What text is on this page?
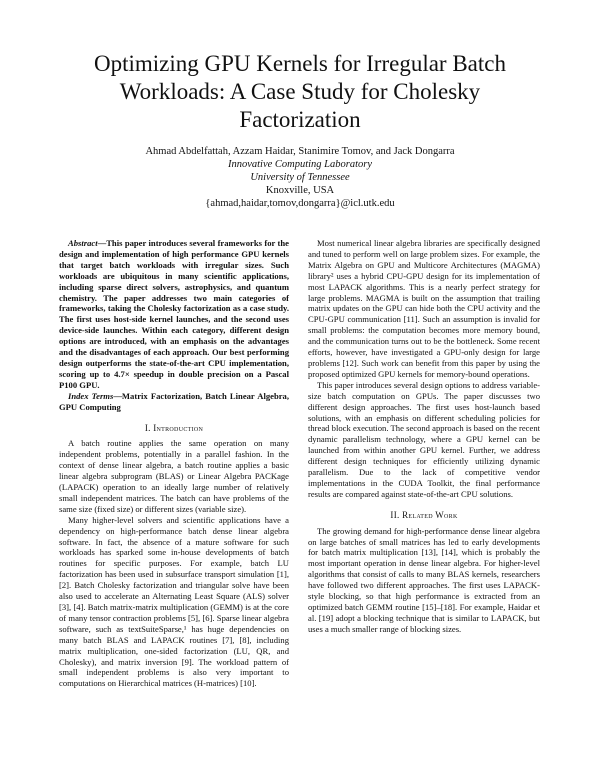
Optimizing GPU Kernels for Irregular Batch Workloads: A Case Study for Cholesky Factorization
Ahmad Abdelfattah, Azzam Haidar, Stanimire Tomov, and Jack Dongarra
Innovative Computing Laboratory
University of Tennessee
Knoxville, USA
{ahmad,haidar,tomov,dongarra}@icl.utk.edu

Abstract—This paper introduces several frameworks for the design and implementation of high performance GPU kernels that target batch workloads with irregular sizes. Such workloads are ubiquitous in many scientific applications, including sparse direct solvers, astrophysics, and quantum chemistry. The paper addresses two main categories of frameworks, taking the Cholesky factorization as a case study. The first uses host-side kernel launches, and the second uses device-side launches. Within each category, different design options are introduced, with an emphasis on the advantages and the disadvantages of each approach. Our best performing design outperforms the state-of-the-art CPU implementation, scoring up to 4.7× speedup in double precision on a Pascal P100 GPU.

Index Terms—Matrix Factorization, Batch Linear Algebra, GPU Computing

I. Introduction

A batch routine applies the same operation on many independent problems, potentially in a parallel fashion. In the context of dense linear algebra, a batch routine applies a basic linear algebra subprogram (BLAS) or Linear Algebra PACKage (LAPACK) operation to an ideally large number of relatively small independent matrices. The batch can have problems of the same size (fixed size) or different sizes (variable size).

Many higher-level solvers and scientific applications have a dependency on high-performance batch dense linear algebra software. In fact, the absence of a mature software for such workloads has sparked some in-house developments of batch routines for specific purposes. For example, batch LU factorization has been used in subsurface transport simulation [1], [2]. Batch Cholesky factorization and triangular solve have been also used to accelerate an Alternating Least Square (ALS) solver [3], [4]. Batch matrix-matrix multiplication (GEMM) is at the core of many tensor contraction problems [5], [6]. Sparse linear algebra software, such as textSuiteSparse,¹ has huge dependencies on many batch BLAS and LAPACK routines [7], [8], including matrix multiplication, one-sided factorization (LU, QR, and Cholesky), and matrix inversion [9]. The workload pattern of small independent problems is also very important to computations on Hierarchical matrices (H-matrices) [10].

Most numerical linear algebra libraries are specifically designed and tuned to perform well on large problem sizes. For example, the Matrix Algebra on GPU and Multicore Architectures (MAGMA) library² uses a hybrid CPU-GPU design for its implementation of most LAPACK algorithms. This is a nearly perfect strategy for large problems. MAGMA is built on the assumption that trailing matrix updates on the GPU can hide both the CPU activity and the CPU-GPU communication [11]. Such an assumption is invalid for small problems: the computation becomes more memory bound, and the communication turns out to be the bottleneck. Some recent efforts, however, have investigated a GPU-only design for large problems [12]. Such work can benefit from this paper by using the proposed optimized GPU kernels for memory-bound operations.

This paper introduces several design options to address variable-size batch computation on GPUs. The paper discusses two different design approaches. The first uses host-launch based solutions, with an emphasis on different scheduling policies for thread block execution. The second approach is based on the recent dynamic parallelism technology, where a GPU kernel can be launched from within another GPU kernel. Further, we address different design techniques for efficiently utilizing dynamic parallelism. Due to the lack of competitive vendor implementations in the CUDA Toolkit, the final performance results are compared against state-of-the-art CPU solutions.

II. Related Work

The growing demand for high-performance dense linear algebra on large batches of small matrices has led to early developments for batch matrix multiplication [13], [14], which is probably the most important operation in dense linear algebra. For higher-level algorithms that consist of calls to many BLAS kernels, researchers have followed two different approaches. The first uses LAPACK-style blocking, so that high performance is extracted from an optimized batch GEMM routine [15]–[18]. For example, Haidar et al. [19] adopt a blocking technique that is similar to LAPACK, but uses a much smaller range of blocking sizes.
